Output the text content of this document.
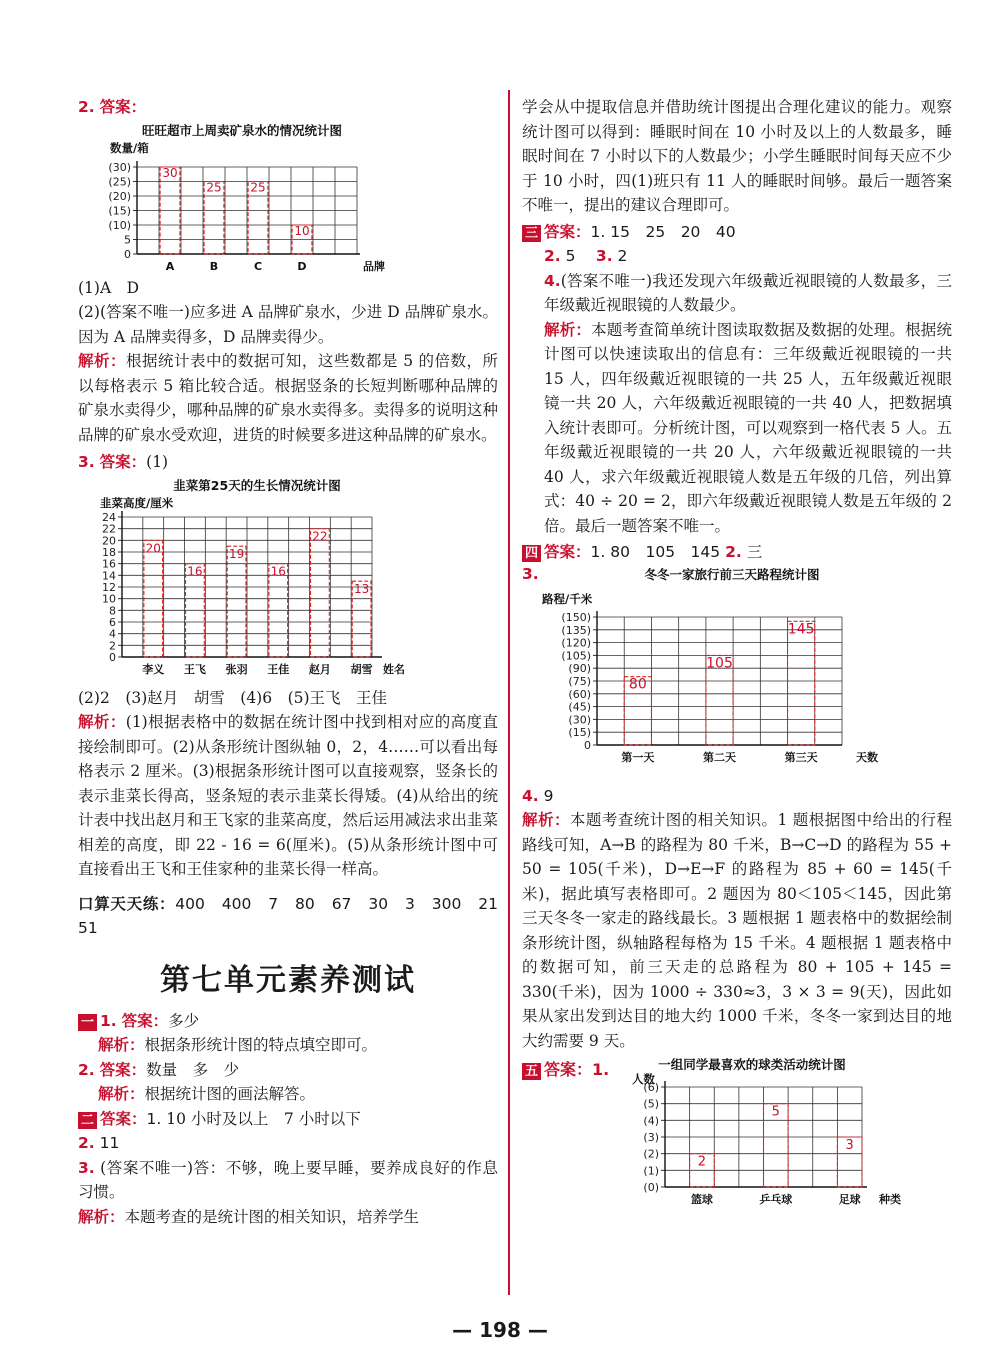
2. 答案：

旺旺超市上周卖矿泉水的情况统计图
数量/箱
(30)
(25)
(20)
(15)
(10)
5
0
30
A
25
B
25
C
10
D	品牌

(1)A　D

(2)(答案不唯一)应多进 A 品牌矿泉水，少进 D 品牌矿泉水。因为 A 品牌卖得多，D 品牌卖得少。

解析：根据统计表中的数据可知，这些数都是 5 的倍数，所以每格表示 5 箱比较合适。根据竖条的长短判断哪种品牌的矿泉水卖得少，哪种品牌的矿泉水卖得多。卖得多的说明这种品牌的矿泉水受欢迎，进货的时候要多进这种品牌的矿泉水。

3. 答案：(1)

韭菜第25天的生长情况统计图
韭菜高度/厘米
24
22
20
18
16
14
12
10
8
6
4
2
0
20
李义
16
王飞
19
张羽
16
王佳
22
赵月
13
胡雪 姓名

(2)2　(3)赵月　胡雪　(4)6　(5)王飞　王佳

解析：(1)根据表格中的数据在统计图中找到相对应的高度直接绘制即可。(2)从条形统计图纵轴 0，2，4……可以看出每格表示 2 厘米。(3)根据条形统计图可以直接观察，竖条长的表示韭菜长得高，竖条短的表示韭菜长得矮。(4)从给出的统计表中找出赵月和王飞家的韭菜高度，然后运用减法求出韭菜相差的高度，即 22 - 16 = 6(厘米)。(5)从条形统计图中可直接看出王飞和王佳家种的韭菜长得一样高。

口算天天练：400　400　7　80　67　30　3　300　21　51

第七单元素养测试

一 1. 答案：多少

解析：根据条形统计图的特点填空即可。

2. 答案：数量　多　少

解析：根据统计图的画法解答。

二 答案：1. 10 小时及以上　7 小时以下

2. 11

3. (答案不唯一)答：不够，晚上要早睡，要养成良好的作息习惯。

解析：本题考查的是统计图的相关知识，培养学生

学会从中提取信息并借助统计图提出合理化建议的能力。观察统计图可以得到：睡眠时间在 10 小时及以上的人数最多，睡眠时间在 7 小时以下的人数最少；小学生睡眠时间每天应不少于 10 小时，四(1)班只有 11 人的睡眠时间够。最后一题答案不唯一，提出的建议合理即可。

三 答案：1. 15　25　20　40

2. 5　 3. 2

4.(答案不唯一)我还发现六年级戴近视眼镜的人数最多，三年级戴近视眼镜的人数最少。

解析：本题考查简单统计图读取数据及数据的处理。根据统计图可以快速读取出的信息有：三年级戴近视眼镜的一共 15 人，四年级戴近视眼镜的一共 25 人，五年级戴近视眼镜一共 20 人，六年级戴近视眼镜的一共 40 人，把数据填入统计表即可。分析统计图，可以观察到一格代表 5 人。五年级戴近视眼镜的一共 20 人，六年级戴近视眼镜的一共 40 人，求六年级戴近视眼镜人数是五年级的几倍，列出算式：40 ÷ 20 = 2，即六年级戴近视眼镜人数是五年级的 2 倍。最后一题答案不唯一。

四 答案：1. 80　105　145 2. 三

3.	冬冬一家旅行前三天路程统计图
路程/千米
(150)
(135)
(120)
(105)
(90)
(75)
(60)
(45)
(30)
(15)
0
80
第一天
105
第二天
145
第三天	天数

4. 9

解析：本题考查统计图的相关知识。1 题根据图中给出的行程路线可知，A→B 的路程为 80 千米，B→C→D 的路程为 55 + 50 = 105(千米)，D→E→F 的路程为 85 + 60 = 145(千米)，据此填写表格即可。2 题因为 80＜105＜145，因此第三天冬冬一家走的路线最长。3 题根据 1 题表格中的数据绘制条形统计图，纵轴路程每格为 15 千米。4 题根据 1 题表格中的数据可知，前三天走的总路程为 80 + 105 + 145 = 330(千米)，因为 1000 ÷ 330≈3，3 × 3 = 9(天)，因此如果从家出发到达目的地大约 1000 千米，冬冬一家到达目的地大约需要 9 天。

五 答案：1.	一组同学最喜欢的球类活动统计图
人数
(6)
(5)
(4)
(3)
(2)
(1)
(0)
2
篮球
5
乒乓球
3
足球 种类
— 198 —
